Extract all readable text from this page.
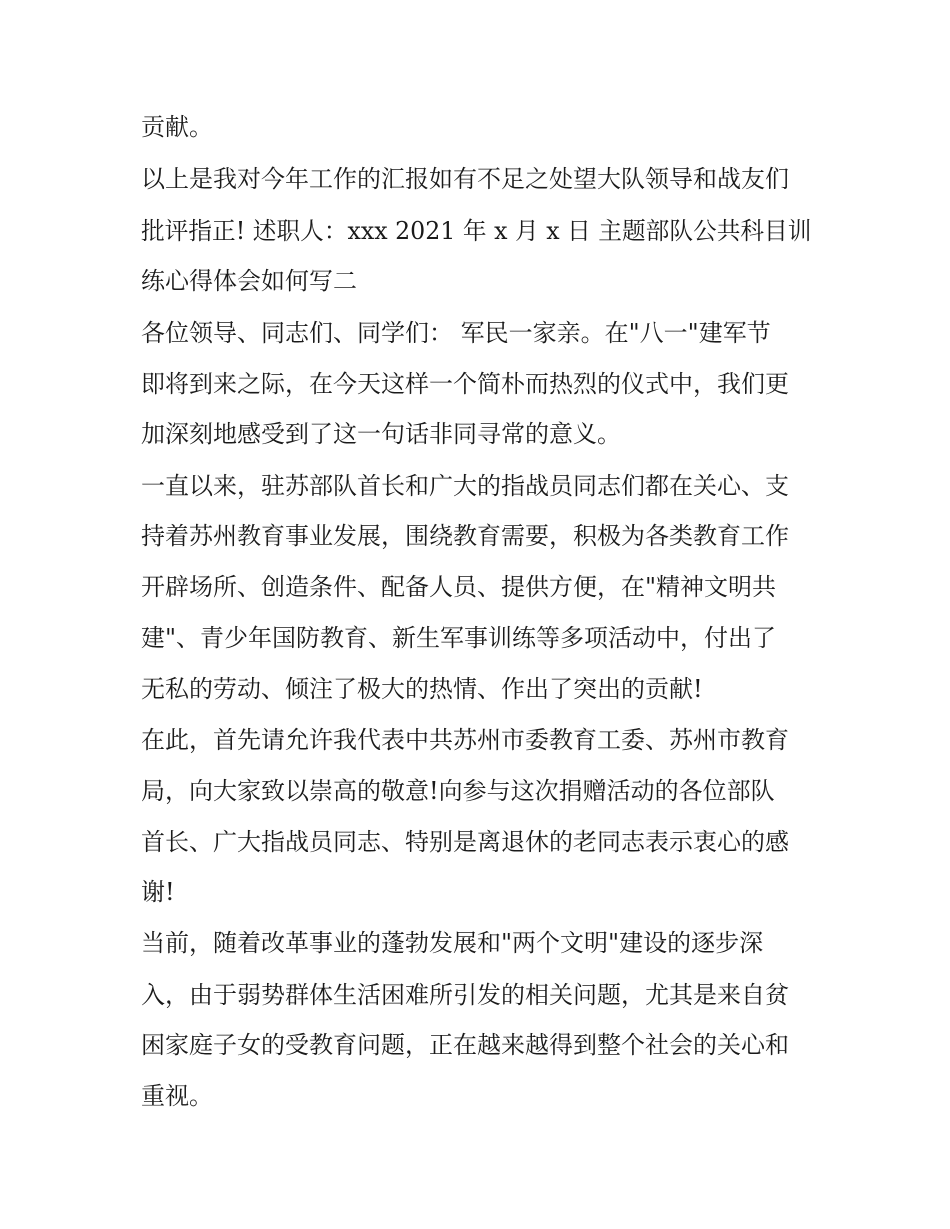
贡献。
以上是我对今年工作的汇报如有不足之处望大队领导和战友们
批评指正! 述职人：xxx 2021 年 x 月 x 日 主题部队公共科目训
练心得体会如何写二
各位领导、同志们、同学们： 军民一家亲。在"八一"建军节
即将到来之际，在今天这样一个简朴而热烈的仪式中，我们更
加深刻地感受到了这一句话非同寻常的意义。
一直以来，驻苏部队首长和广大的指战员同志们都在关心、支
持着苏州教育事业发展，围绕教育需要，积极为各类教育工作
开辟场所、创造条件、配备人员、提供方便，在"精神文明共
建"、青少年国防教育、新生军事训练等多项活动中，付出了
无私的劳动、倾注了极大的热情、作出了突出的贡献!
在此，首先请允许我代表中共苏州市委教育工委、苏州市教育
局，向大家致以崇高的敬意!向参与这次捐赠活动的各位部队
首长、广大指战员同志、特别是离退休的老同志表示衷心的感
谢!
当前，随着改革事业的蓬勃发展和"两个文明"建设的逐步深
入，由于弱势群体生活困难所引发的相关问题，尤其是来自贫
困家庭子女的受教育问题，正在越来越得到整个社会的关心和
重视。
